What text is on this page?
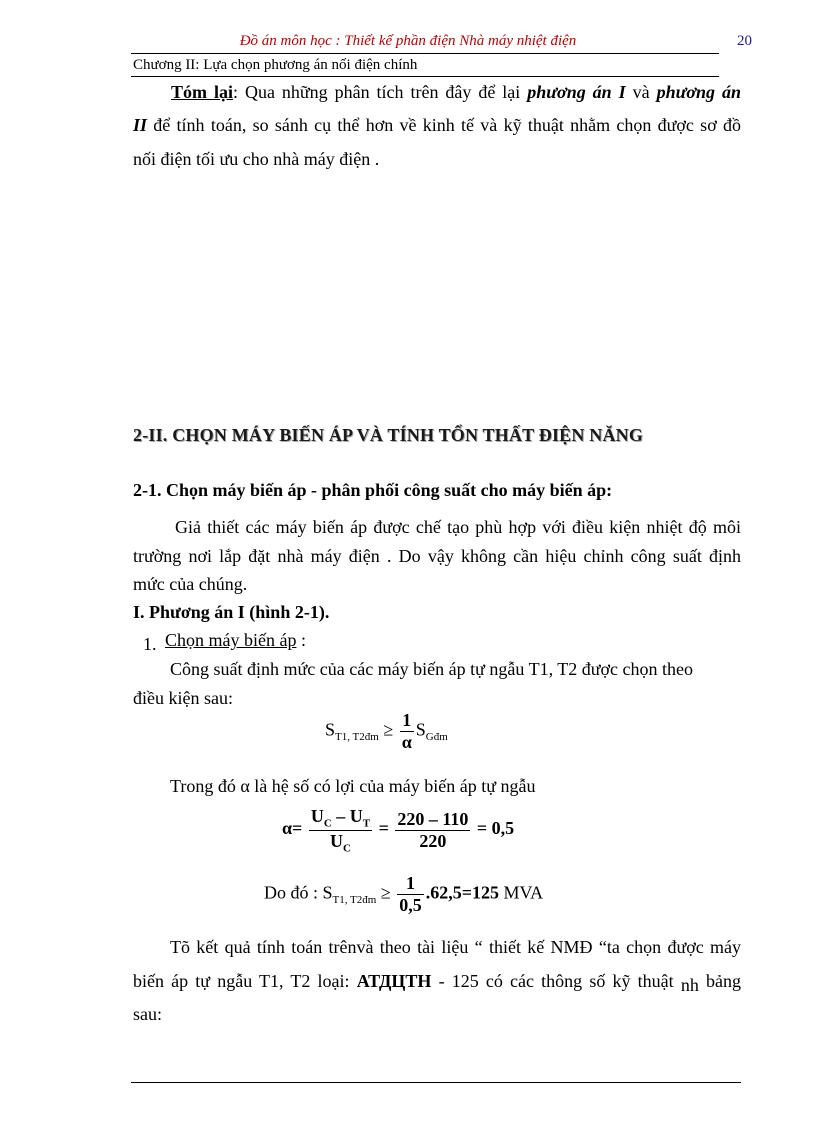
Đồ án môn học : Thiết kế phần điện Nhà máy nhiệt điện	20
Chương II: Lựa chọn phương án nối điện chính
Tóm lại: Qua những phân tích trên đây để lại phương án I và phương án
II để tính toán, so sánh cụ thể hơn về kinh tế và kỹ thuật nhằm chọn được sơ đồ
nối điện tối ưu cho nhà máy điện .
2-II. CHỌN MÁY BIẾN ÁP VÀ TÍNH TỔN THẤT ĐIỆN NĂNG
2-1. Chọn máy biến áp - phân phối công suất cho máy biến áp:
Giả thiết các máy biến áp được chế tạo phù hợp với điều kiện nhiệt độ môi
trường nơi lắp đặt nhà máy điện . Do vậy không cần hiệu chỉnh công suất định
mức của chúng.
I. Phương án I (hình 2-1).
1. Chọn máy biến áp :
Công suất định mức của các máy biến áp tự ngẫu T1, T2 được chọn theo
điều kiện sau:
$S_{T1, T2đm} \ge \frac{1}{\alpha} S_{Gđm}$
Trong đó α là hệ số có lợi của máy biến áp tự ngẫu
$\alpha= \frac{U_C - U_T}{U_C} = \frac{220 - 110}{220} = 0,5$
Do đó : $S_{T1, T2đm} \ge \frac{1}{0,5} .62,5=125$ MVA
Tõ kết quả tính toán trênvà theo tài liệu “ thiết kế NMĐ “ta chọn được máy
biến áp tự ngẫu T1, T2 loại: АТДЦТН - 125 có các thông số kỹ thuật nh bảng
sau:
